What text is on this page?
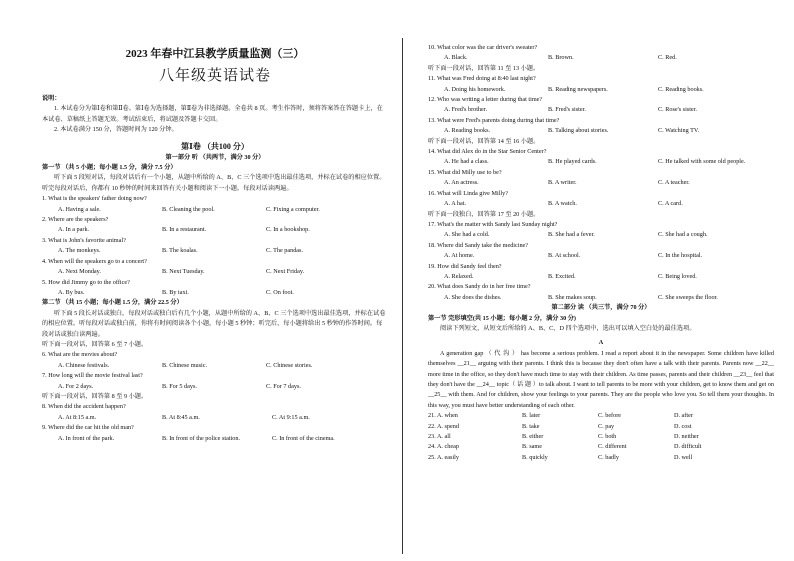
2023 年春中江县教学质量监测（三）
八年级英语试卷
说明：
1. 本试卷分为第Ⅰ卷和第Ⅱ卷。第Ⅰ卷为选择题，第Ⅱ卷为非选择题。全卷共 8 页。考生作答时，须将答案答在答题卡上，在本试卷、草稿纸上答题无效。考试结束后，将试题及答题卡交回。
2. 本试卷满分 150 分，答题时间为 120 分钟。
第Ⅰ卷 （共100 分）
第一部分 听 （共两节，满分 30 分）
第一节 （共 5 小题；每小题 1.5 分，满分 7.5 分）
听下面 5 段短对话，每段对话后有一个小题，从题中所给的 A、B、C 三个选项中选出最佳选项，并标在试卷的相应位置。听完每段对话后，你都有 10 秒钟的时间来回答有关小题和阅读下一小题。每段对话读两遍。
1. What is the speakers' father doing now?
A. Having a sale.	B. Cleaning the pool.	C. Fixing a computer.
2. Where are the speakers?
A. In a park.	B. In a restaurant.	C. In a bookshop.
3. What is John's favorite animal?
A. The monkeys.	B. The koalas.	C. The pandas.
4. When will the speakers go to a concert?
A. Next Monday.	B. Next Tuesday.	C. Next Friday.
5. How did Jimmy go to the office?
A. By bus.	B. By taxi.	C. On foot.
第二节 （共 15 小题；每小题 1.5 分，满分 22.5 分）
听下面 5 段长对话或独白，每段对话或独白后有几个小题，从题中所给的 A、B、C 三个选项中选出最佳选项，并标在试卷的相应位置。听每段对话或独白前，你将有时间阅读各个小题，每小题 5 秒钟；听完后，每小题将给出 5 秒钟的作答时间。每段对话或独白读两遍。
听下面一段对话，回答第 6 至 7 小题。
6. What are the movies about?
A. Chinese festivals.	B. Chinese music.	C. Chinese stories.
7. How long will the movie festival last?
A. For 2 days.	B. For 5 days.	C. For 7 days.
听下面一段对话，回答第 8 至 9 小题。
8. When did the accident happen?
A. At 8:15 a.m.	B. At 8:45 a.m.	C. At 9:15 a.m.
9. Where did the car hit the old man?
A. In front of the park.	B. In front of the police station.	C. In front of the cinema.
10. What color was the car driver's sweater?
A. Black.	B. Brown.	C. Red.
听下面一段对话，回答第 11 至 13 小题。
11. What was Fred doing at 8:40 last night?
A. Doing his homework.	B. Reading newspapers.	C. Reading books.
12. Who was writing a letter during that time?
A. Fred's brother.	B. Fred's sister.	C. Rose's sister.
13. What were Fred's parents doing during that time?
A. Reading books.	B. Talking about stories.	C. Watching TV.
听下面一段对话，回答第 14 至 16 小题。
14. What did Alex do in the Star Senior Center?
A. He had a class.	B. He played cards.	C. He talked with some old people.
15. What did Milly use to be?
A. An actress.	B. A writer.	C. A teacher.
16. What will Linda give Milly?
A. A hat.	B. A watch.	C. A card.
听下面一段独白，回答第 17 至 20 小题。
17. What's the matter with Sandy last Sunday night?
A. She had a cold.	B. She had a fever.	C. She had a cough.
18. Where did Sandy take the medicine?
A. At home.	B. At school.	C. In the hospital.
19. How did Sandy feel then?
A. Relaxed.	B. Excited.	C. Being loved.
20. What does Sandy do in her free time?
A. She does the dishes.	B. She makes soup.	C. She sweeps the floor.
第二部分 读 （共三节，满分 70 分）
第一节 完形填空(共 15 小题；每小题 2 分，满分 30 分)
阅读下列短文，从短文后所给的 A、B、C、D 四个选项中，选出可以填入空白处的最佳选项。
A
A generation gap （ 代 沟 ） has become a serious problem. I read a report about it in the newspaper. Some children have killed themselves __21__ arguing with their parents. I think this is because they don't often have a talk with their parents. Parents now __22__ more time in the office, so they don't have much time to stay with their children. As time passes, parents and their children __23__ feel that they don't have the __24__ topic（ 话 题 ）to talk about. I want to tell parents to be more with your children, get to know them and get on __25__ with them. And for children, show your feelings to your parents. They are the people who love you. So tell them your thoughts. In this way, you must have better understanding of each other.
21. A. when	B. later	C. before	D. after
22. A. spend	B. take	C. pay	D. cost
23. A. all	B. either	C. both	D. neither
24. A. cheap	B. same	C. different	D. difficult
25. A. easily	B. quickly	C. badly	D. well
